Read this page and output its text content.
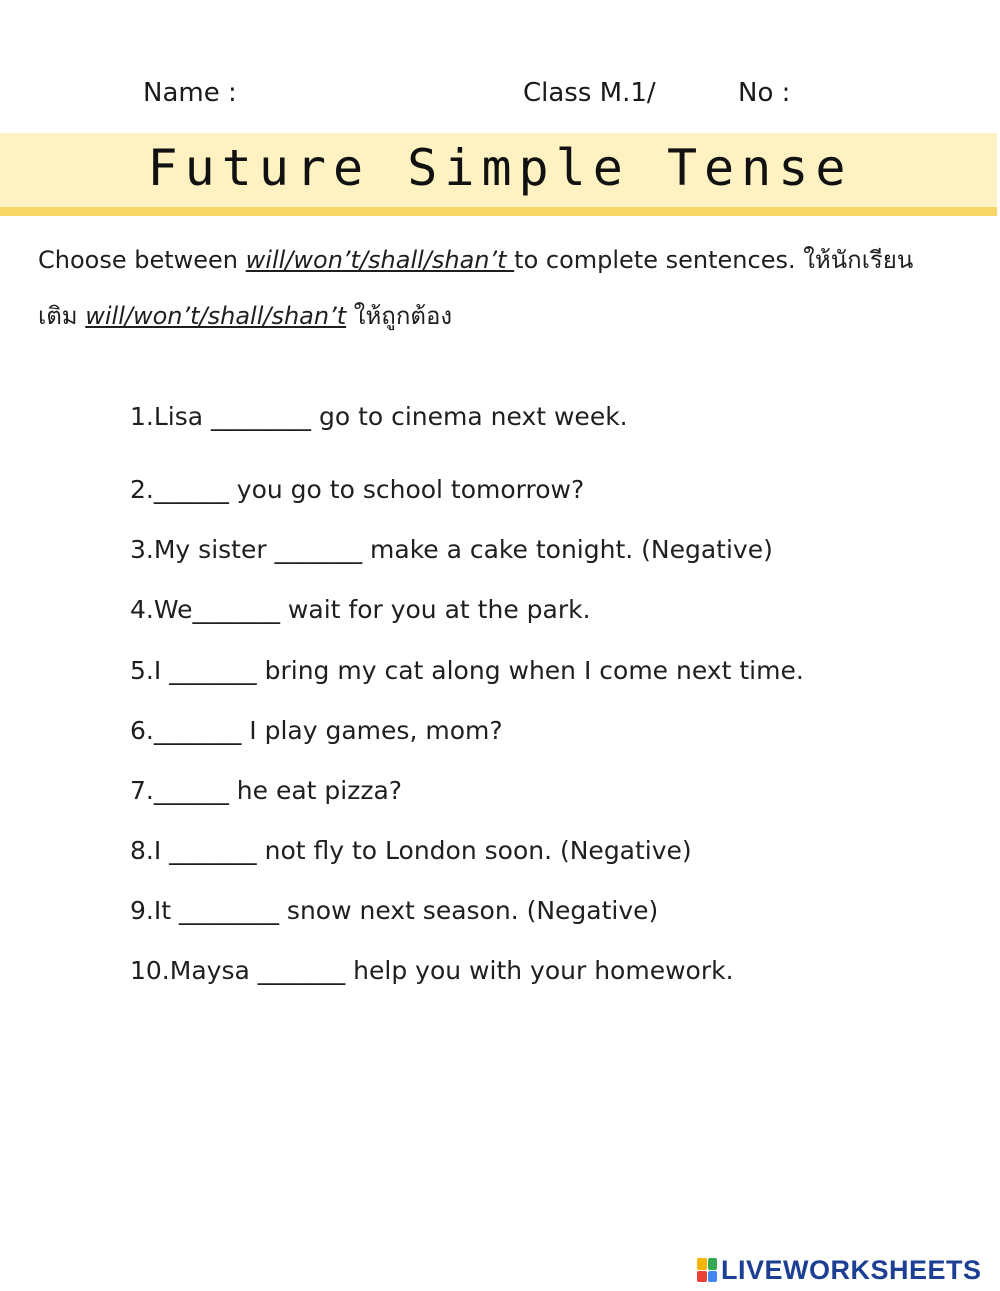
Name :	Class M.1/	No :
Future Simple Tense
Choose between will/won’t/shall/shan’t to complete sentences. ให้นักเรียน
เติม will/won’t/shall/shan’t ให้ถูกต้อง
1.Lisa ________ go to cinema next week.
2.______ you go to school tomorrow?
3.My sister _______ make a cake tonight. (Negative)
4.We_______ wait for you at the park.
5.I _______ bring my cat along when I come next time.
6._______ I play games, mom?
7.______ he eat pizza?
8.I _______ not fly to London soon. (Negative)
9.It ________ snow next season. (Negative)
10.Maysa _______ help you with your homework.
LIVEWORKSHEETS
